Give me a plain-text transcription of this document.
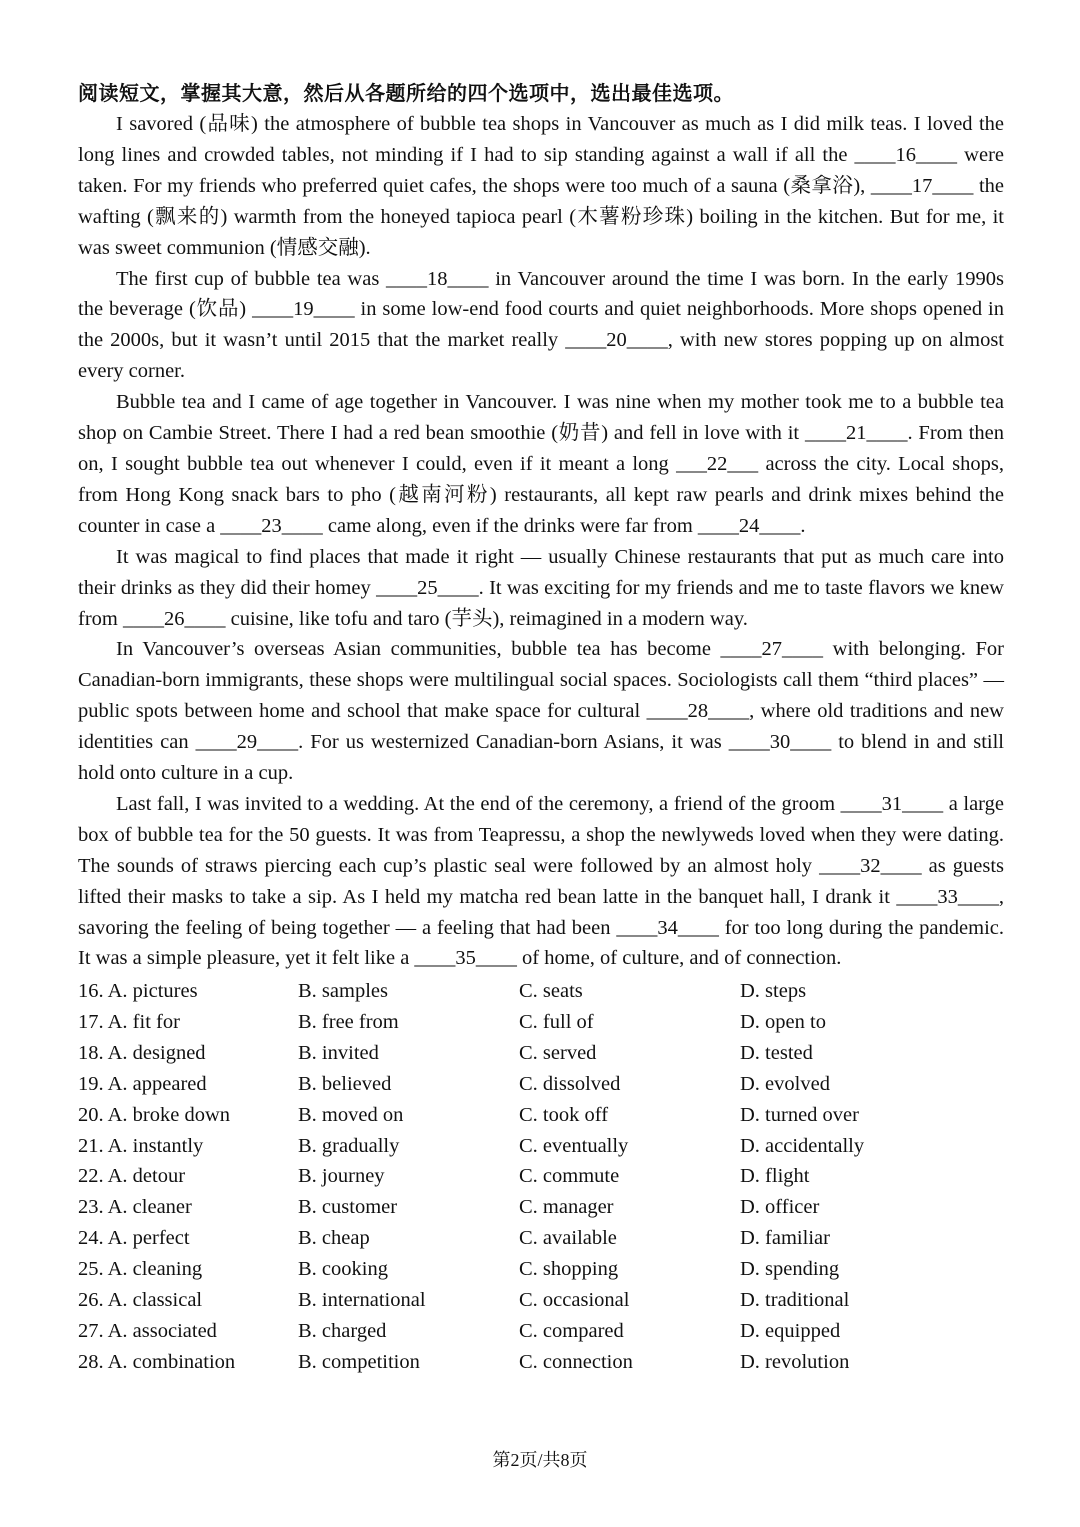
阅读短文，掌握其大意，然后从各题所给的四个选项中，选出最佳选项。

I savored (品味) the atmosphere of bubble tea shops in Vancouver as much as I did milk teas. I loved the long lines and crowded tables, not minding if I had to sip standing against a wall if all the ____16____ were taken. For my friends who preferred quiet cafes, the shops were too much of a sauna (桑拿浴), ____17____ the wafting (飘来的) warmth from the honeyed tapioca pearl (木薯粉珍珠) boiling in the kitchen. But for me, it was sweet communion (情感交融).

The first cup of bubble tea was ____18____ in Vancouver around the time I was born. In the early 1990s the beverage (饮品) ____19____ in some low-end food courts and quiet neighborhoods. More shops opened in the 2000s, but it wasn’t until 2015 that the market really ____20____, with new stores popping up on almost every corner.

Bubble tea and I came of age together in Vancouver. I was nine when my mother took me to a bubble tea shop on Cambie Street. There I had a red bean smoothie (奶昔) and fell in love with it ____21____. From then on, I sought bubble tea out whenever I could, even if it meant a long ___22___ across the city. Local shops, from Hong Kong snack bars to pho (越南河粉) restaurants, all kept raw pearls and drink mixes behind the counter in case a ____23____ came along, even if the drinks were far from ____24____.

It was magical to find places that made it right — usually Chinese restaurants that put as much care into their drinks as they did their homey ____25____. It was exciting for my friends and me to taste flavors we knew from ____26____ cuisine, like tofu and taro (芋头), reimagined in a modern way.

In Vancouver’s overseas Asian communities, bubble tea has become ____27____ with belonging. For Canadian-born immigrants, these shops were multilingual social spaces. Sociologists call them “third places” — public spots between home and school that make space for cultural ____28____, where old traditions and new identities can ____29____. For us westernized Canadian-born Asians, it was ____30____ to blend in and still hold onto culture in a cup.

Last fall, I was invited to a wedding. At the end of the ceremony, a friend of the groom ____31____ a large box of bubble tea for the 50 guests. It was from Teapressu, a shop the newlyweds loved when they were dating. The sounds of straws piercing each cup’s plastic seal were followed by an almost holy ____32____ as guests lifted their masks to take a sip. As I held my matcha red bean latte in the banquet hall, I drank it ____33____, savoring the feeling of being together — a feeling that had been ____34____ for too long during the pandemic. It was a simple pleasure, yet it felt like a ____35____ of home, of culture, and of connection.

16. A. pictures	B. samples	C. seats	D. steps
17. A. fit for	B. free from	C. full of	D. open to
18. A. designed	B. invited	C. served	D. tested
19. A. appeared	B. believed	C. dissolved	D. evolved
20. A. broke down	B. moved on	C. took off	D. turned over
21. A. instantly	B. gradually	C. eventually	D. accidentally
22. A. detour	B. journey	C. commute	D. flight
23. A. cleaner	B. customer	C. manager	D. officer
24. A. perfect	B. cheap	C. available	D. familiar
25. A. cleaning	B. cooking	C. shopping	D. spending
26. A. classical	B. international	C. occasional	D. traditional
27. A. associated	B. charged	C. compared	D. equipped
28. A. combination	B. competition	C. connection	D. revolution
第2页/共8页
